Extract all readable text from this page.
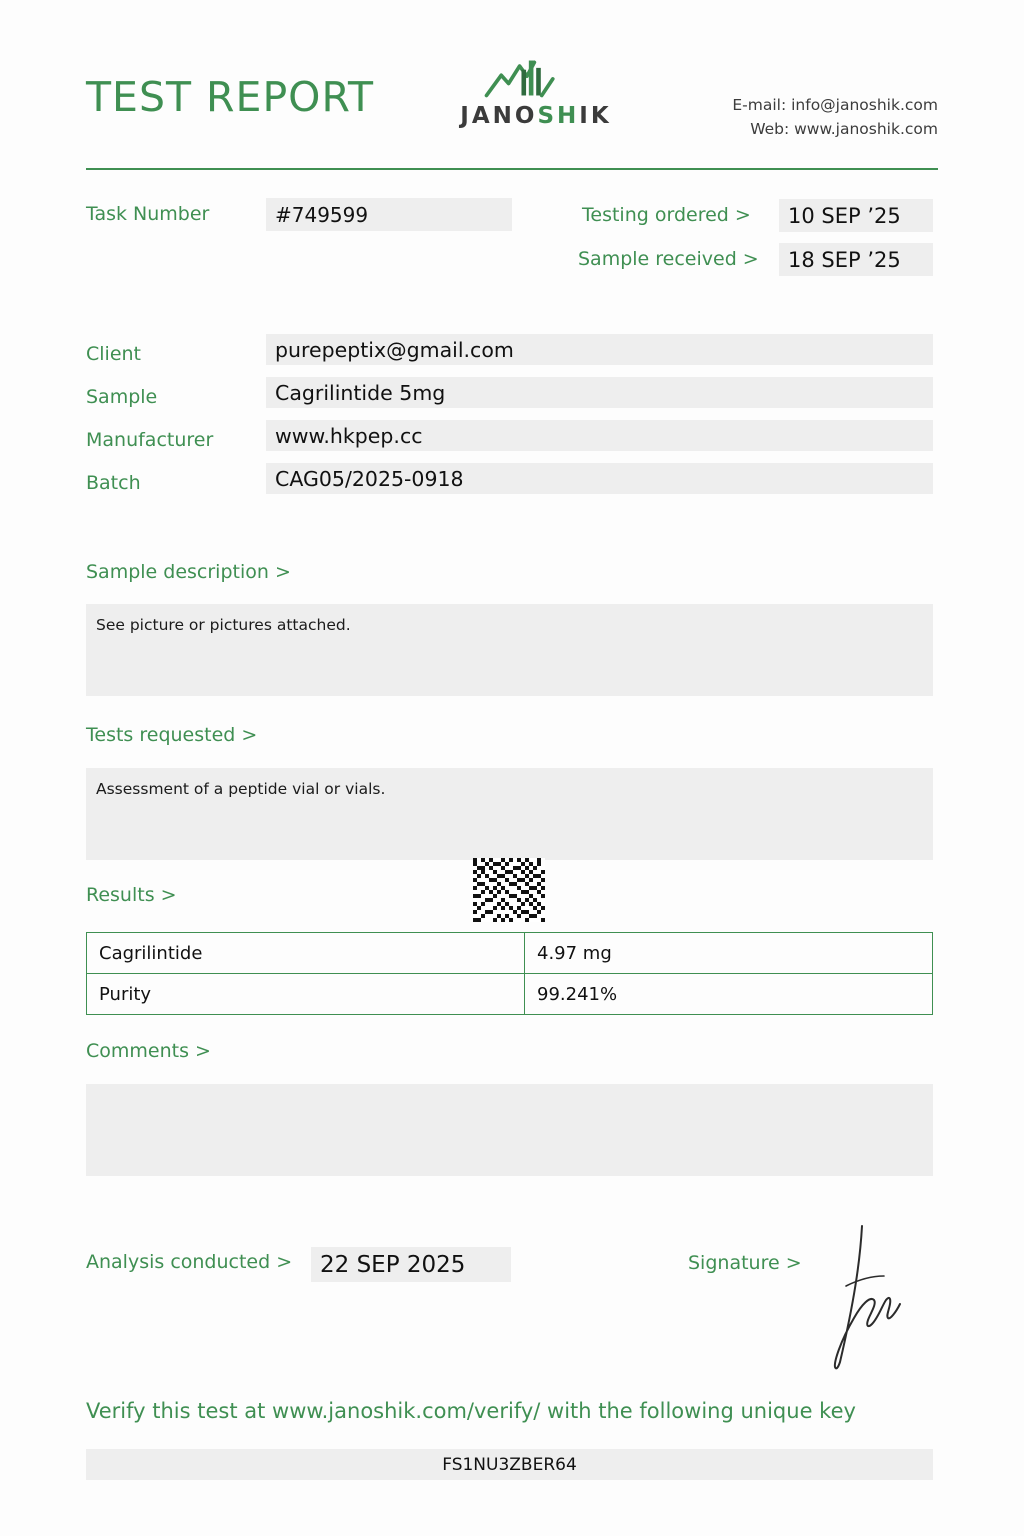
TEST REPORT	JANOSHIK	E-mail: info@janoshik.com
Web: www.janoshik.com
Task Number	#749599	Testing ordered >	10 SEP ’25
Sample received >	18 SEP ’25
Client	purepeptix@gmail.com
Sample	Cagrilintide 5mg
Manufacturer	www.hkpep.cc
Batch	CAG05/2025-0918
Sample description >
See picture or pictures attached.
Tests requested >
Assessment of a peptide vial or vials.
Results >
Cagrilintide	4.97 mg
Purity	99.241%
Comments >
Analysis conducted >	22 SEP 2025	Signature >
Verify this test at www.janoshik.com/verify/ with the following unique key
FS1NU3ZBER64
